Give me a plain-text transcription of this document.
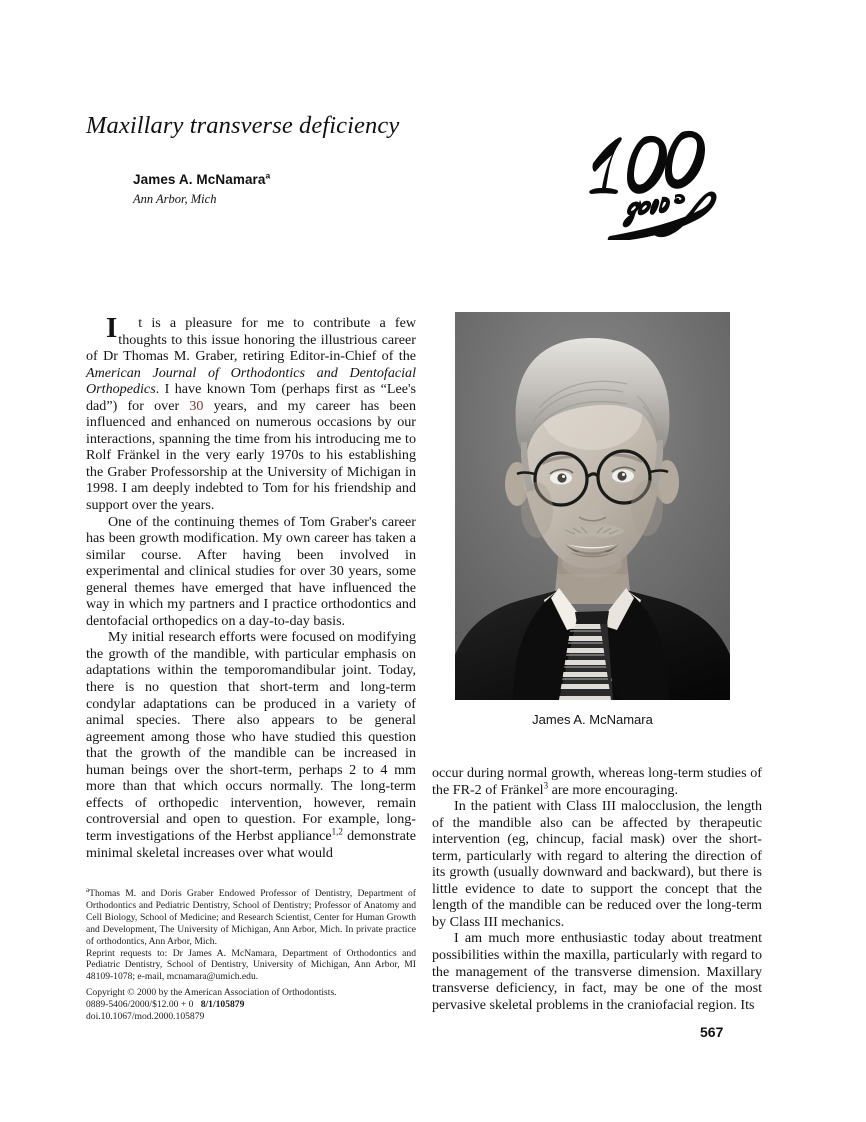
Maxillary transverse deficiency
James A. McNamara$^a$
Ann Arbor, Mich
James A. McNamara

I t is a pleasure for me to contribute a few thoughts to this issue honoring the illustrious career of Dr Thomas M. Graber, retiring Editor-in-Chief of the American Journal of Orthodontics and Dentofacial Orthopedics. I have known Tom (perhaps first as “Lee's dad”) for over 30 years, and my career has been influenced and enhanced on numerous occasions by our interactions, spanning the time from his introducing me to Rolf Fränkel in the very early 1970s to his establishing the Graber Professorship at the University of Michigan in 1998. I am deeply indebted to Tom for his friendship and support over the years.

One of the continuing themes of Tom Graber's career has been growth modification. My own career has taken a similar course. After having been involved in experimental and clinical studies for over 30 years, some general themes have emerged that have influenced the way in which my partners and I practice orthodontics and dentofacial orthopedics on a day-to-day basis.

My initial research efforts were focused on modifying the growth of the mandible, with particular emphasis on adaptations within the temporomandibular joint. Today, there is no question that short-term and long-term condylar adaptations can be produced in a variety of animal species. There also appears to be general agreement among those who have studied this question that the growth of the mandible can be increased in human beings over the short-term, perhaps 2 to 4 mm more than that which occurs normally. The long-term effects of orthopedic intervention, however, remain controversial and open to question. For example, long-term investigations of the Herbst appliance$^{1,2}$ demonstrate minimal skeletal increases over what would

occur during normal growth, whereas long-term studies of the FR-2 of Fränkel$^3$ are more encouraging.

In the patient with Class III malocclusion, the length of the mandible also can be affected by therapeutic intervention (eg, chincup, facial mask) over the short-term, particularly with regard to altering the direction of its growth (usually downward and backward), but there is little evidence to date to support the concept that the length of the mandible can be reduced over the long-term by Class III mechanics.

I am much more enthusiastic today about treatment possibilities within the maxilla, particularly with regard to the management of the transverse dimension. Maxillary transverse deficiency, in fact, may be one of the most pervasive skeletal problems in the craniofacial region. Its

$^a$Thomas M. and Doris Graber Endowed Professor of Dentistry, Department of Orthodontics and Pediatric Dentistry, School of Dentistry; Professor of Anatomy and Cell Biology, School of Medicine; and Research Scientist, Center for Human Growth and Development, The University of Michigan, Ann Arbor, Mich. In private practice of orthodontics, Ann Arbor, Mich.

Reprint requests to: Dr James A. McNamara, Department of Orthodontics and Pediatric Dentistry, School of Dentistry, University of Michigan, Ann Arbor, MI 48109-1078; e-mail, mcnamara@umich.edu.

Copyright © 2000 by the American Association of Orthodontists.

0889-5406/2000/$12.00 + 0 8/1/105879

doi.10.1067/mod.2000.105879

567
